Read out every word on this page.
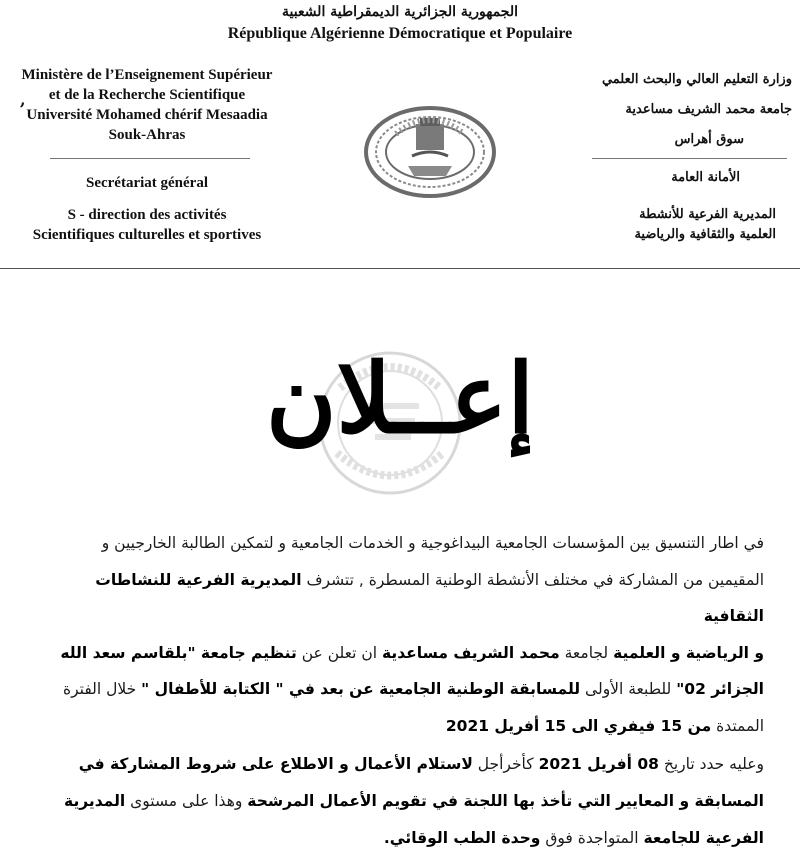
الجمهورية الجزائرية الديمقراطية الشعبية
République Algérienne Démocratique et Populaire
Ministère de l’Enseignement Supérieur
et de la Recherche Scientifique
,
Université Mohamed chérif Mesaadia
Souk-Ahras
Secrétariat général
S - direction des activités
Scientifiques culturelles et sportives
وزارة التعليم العالي والبحث العلمي
جامعة محمد الشريف مساعدية
سوق أهراس
الأمانة العامة
المديرية الفرعية للأنشطة
العلمية والثقافية والرياضية
إعــلان
في اطار التنسيق بين المؤسسات الجامعية البيداغوجية و الخدمات الجامعية و لتمكين الطالبة الخارجيين و
المقيمين من المشاركة في مختلف الأنشطة الوطنية المسطرة , تتشرف المديرية الفرعية للنشاطات الثقافية
و الرياضية و العلمية لجامعة محمد الشريف مساعدية ان تعلن عن تنظيم جامعة "بلقاسم سعد الله
الجزائر 02" للطبعة الأولى للمسابقة الوطنية الجامعية عن بعد في " الكتابة للأطفال " خلال الفترة
الممتدة من 15 فيفري الى 15 أفريل 2021
وعليه حدد تاريخ 08 أفريل 2021 كأخرأجل لاستلام الأعمال و الاطلاع على شروط المشاركة في
المسابقة و المعايير التي تأخذ بها اللجنة في تقويم الأعمال المرشحة وهذا على مستوى المديرية
الفرعية للجامعة المتواجدة فوق وحدة الطب الوقائي.
